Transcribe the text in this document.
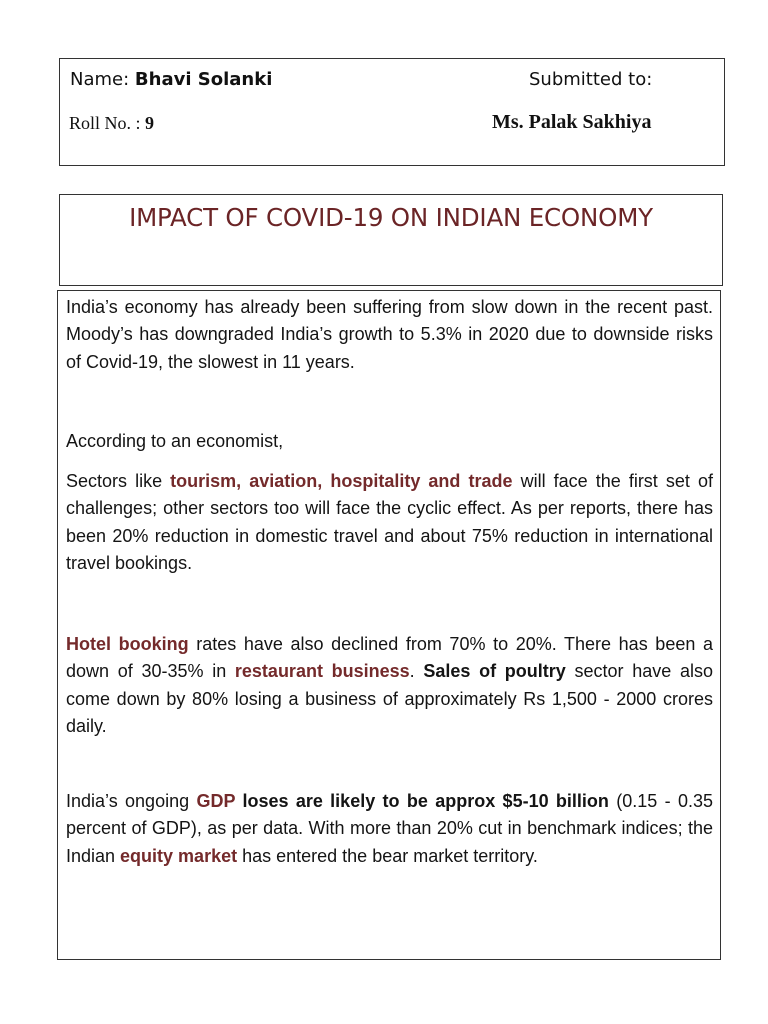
Name: Bhavi Solanki	Submitted to:
Roll No. : 9	Ms. Palak Sakhiya
IMPACT OF COVID-19 ON INDIAN ECONOMY

India’s economy has already been suffering from slow down in the recent past. Moody’s has downgraded India’s growth to 5.3% in 2020 due to downside risks of Covid-19, the slowest in 11 years.

According to an economist,

Sectors like tourism, aviation, hospitality and trade will face the first set of challenges; other sectors too will face the cyclic effect. As per reports, there has been 20% reduction in domestic travel and about 75% reduction in international travel bookings.

Hotel booking rates have also declined from 70% to 20%. There has been a down of 30-35% in restaurant business. Sales of poultry sector have also come down by 80% losing a business of approximately Rs 1,500 - 2000 crores daily.

India’s ongoing GDP loses are likely to be approx $5-10 billion (0.15 - 0.35 percent of GDP), as per data. With more than 20% cut in benchmark indices; the Indian equity market has entered the bear market territory.
